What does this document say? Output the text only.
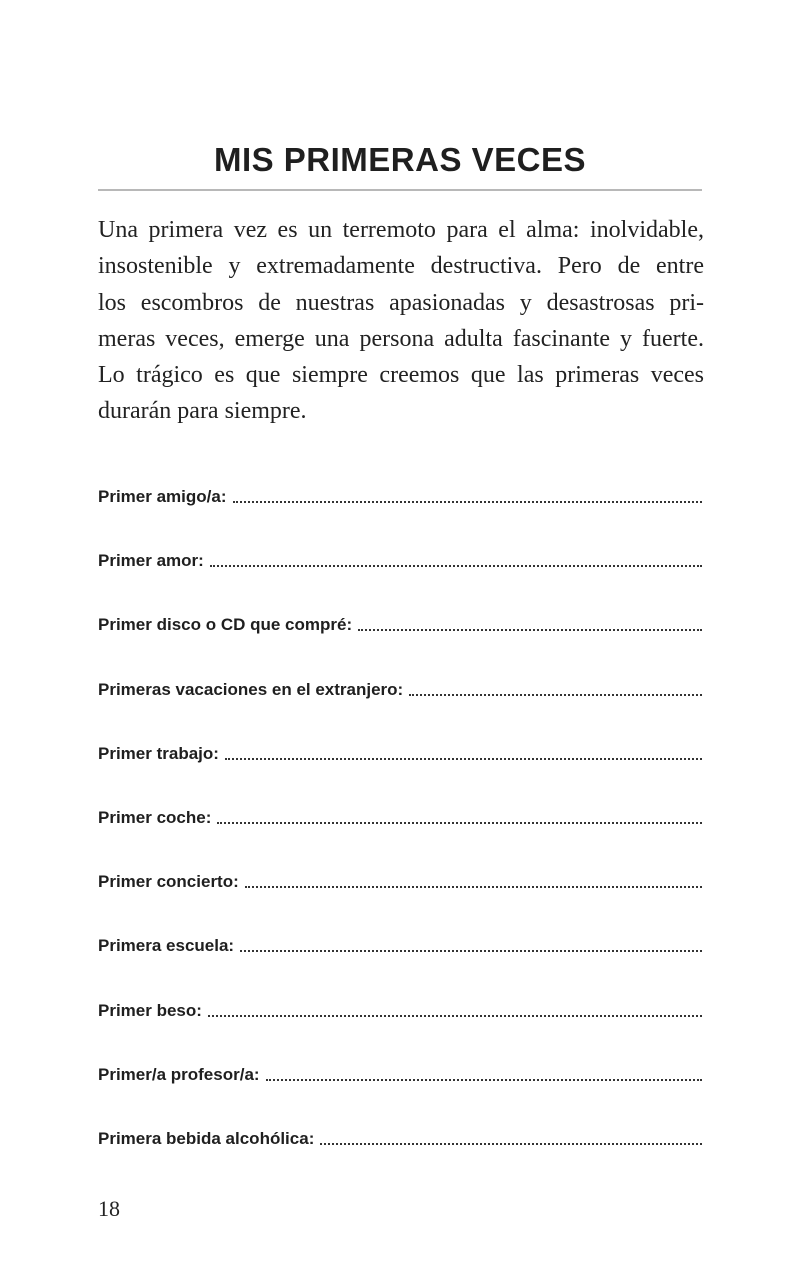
MIS PRIMERAS VECES

Una primera vez es un terremoto para el alma: inolvidable,
insostenible y extremadamente destructiva. Pero de entre
los escombros de nuestras apasionadas y desastrosas pri-
meras veces, emerge una persona adulta fascinante y fuerte.
Lo trágico es que siempre creemos que las primeras veces
durarán para siempre.

Primer amigo/a:
Primer amor:
Primer disco o CD que compré:
Primeras vacaciones en el extranjero:
Primer trabajo:
Primer coche:
Primer concierto:
Primera escuela:
Primer beso:
Primer/a profesor/a:
Primera bebida alcohólica:

18
